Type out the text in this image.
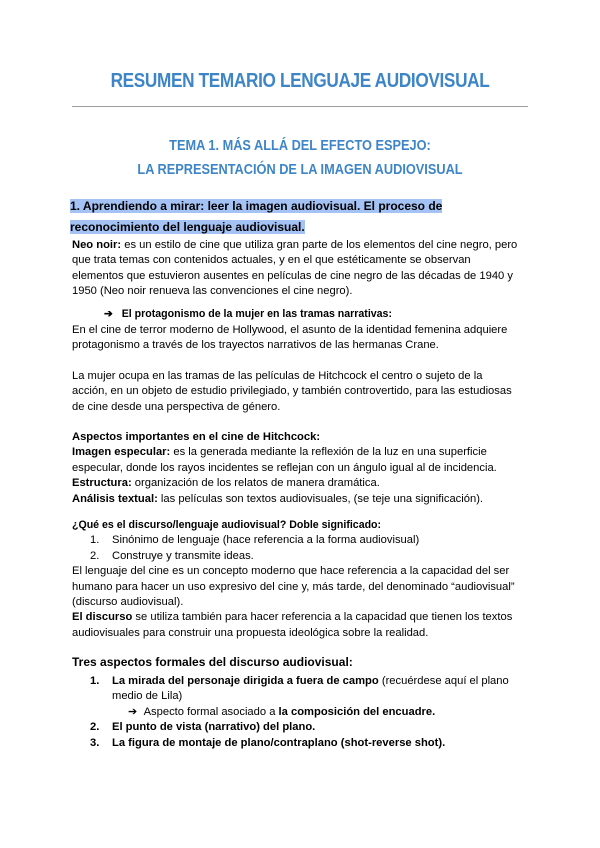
RESUMEN TEMARIO LENGUAJE AUDIOVISUAL
TEMA 1. MÁS ALLÁ DEL EFECTO ESPEJO:
LA REPRESENTACIÓN DE LA IMAGEN AUDIOVISUAL
1. Aprendiendo a mirar: leer la imagen audiovisual. El proceso de reconocimiento del lenguaje audiovisual.

Neo noir: es un estilo de cine que utiliza gran parte de los elementos del cine negro, pero que trata temas con contenidos actuales, y en el que estéticamente se observan elementos que estuvieron ausentes en películas de cine negro de las décadas de 1940 y 1950 (Neo noir renueva las convenciones el cine negro).

➔ El protagonismo de la mujer en las tramas narrativas:

En el cine de terror moderno de Hollywood, el asunto de la identidad femenina adquiere protagonismo a través de los trayectos narrativos de las hermanas Crane.

La mujer ocupa en las tramas de las películas de Hitchcock el centro o sujeto de la acción, en un objeto de estudio privilegiado, y también controvertido, para las estudiosas de cine desde una perspectiva de género.

Aspectos importantes en el cine de Hitchcock:

Imagen especular: es la generada mediante la reflexión de la luz en una superficie especular, donde los rayos incidentes se reflejan con un ángulo igual al de incidencia.

Estructura: organización de los relatos de manera dramática.

Análisis textual: las películas son textos audiovisuales, (se teje una significación).

¿Qué es el discurso/lenguaje audiovisual? Doble significado:

1. Sinónimo de lenguaje (hace referencia a la forma audiovisual)
2. Construye y transmite ideas.

El lenguaje del cine es un concepto moderno que hace referencia a la capacidad del ser humano para hacer un uso expresivo del cine y, más tarde, del denominado “audiovisual” (discurso audiovisual).

El discurso se utiliza también para hacer referencia a la capacidad que tienen los textos audiovisuales para construir una propuesta ideológica sobre la realidad.

Tres aspectos formales del discurso audiovisual:
1.	La mirada del personaje dirigida a fuera de campo (recuérdese aquí el plano medio de Lila)
➔ Aspecto formal asociado a la composición del encuadre.
2.	El punto de vista (narrativo) del plano.
3.	La figura de montaje de plano/contraplano (shot-reverse shot).
